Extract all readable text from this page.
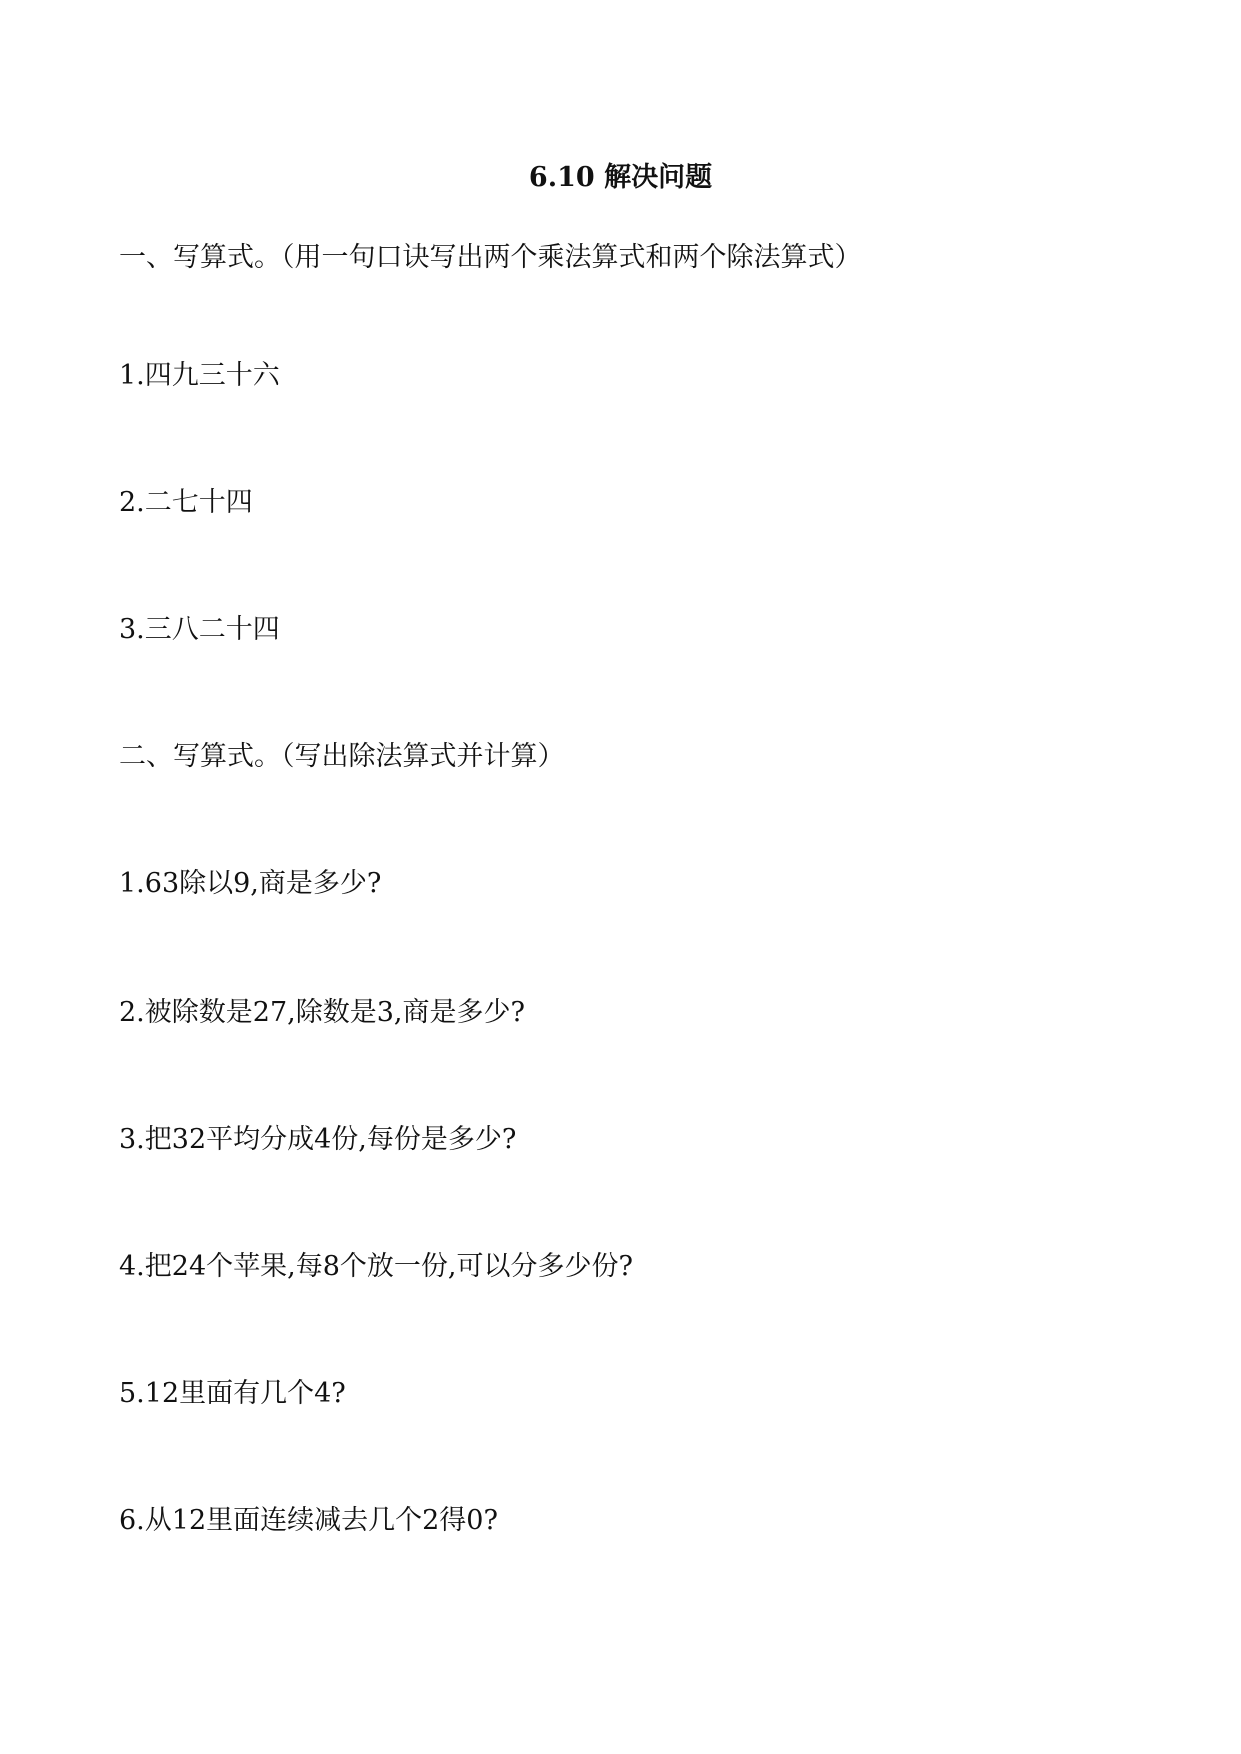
6.10 解决问题
一、写算式。（用一句口诀写出两个乘法算式和两个除法算式）
1.四九三十六
2.二七十四
3.三八二十四
二、写算式。（写出除法算式并计算）
1.63除以9,商是多少?
2.被除数是27,除数是3,商是多少?
3.把32平均分成4份,每份是多少?
4.把24个苹果,每8个放一份,可以分多少份?
5.12里面有几个4?
6.从12里面连续减去几个2得0?
